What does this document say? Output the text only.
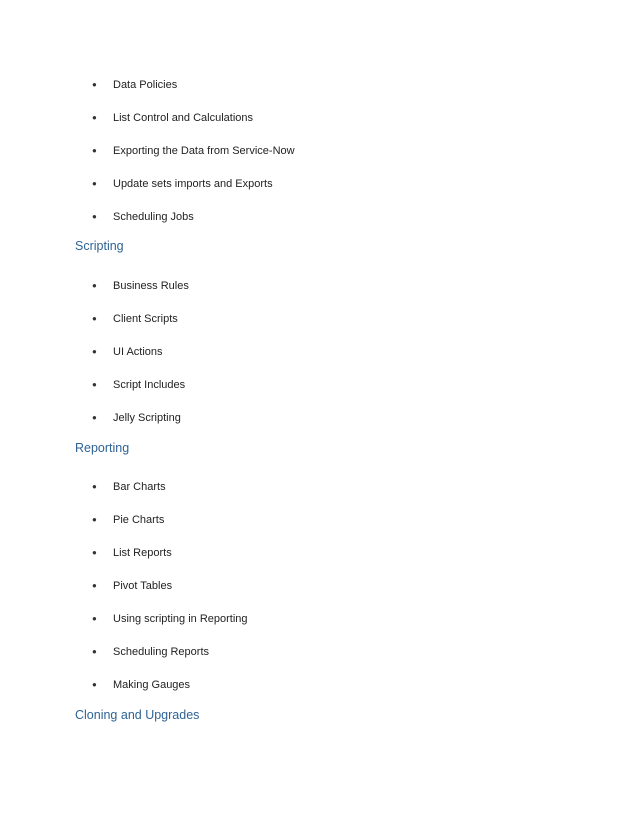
●	Data Policies
●	List Control and Calculations
●	Exporting the Data from Service-Now
●	Update sets imports and Exports
●	Scheduling Jobs
Scripting
●	Business Rules
●	Client Scripts
●	UI Actions
●	Script Includes
●	Jelly Scripting
Reporting
●	Bar Charts
●	Pie Charts
●	List Reports
●	Pivot Tables
●	Using scripting in Reporting
●	Scheduling Reports
●	Making Gauges
Cloning and Upgrades
